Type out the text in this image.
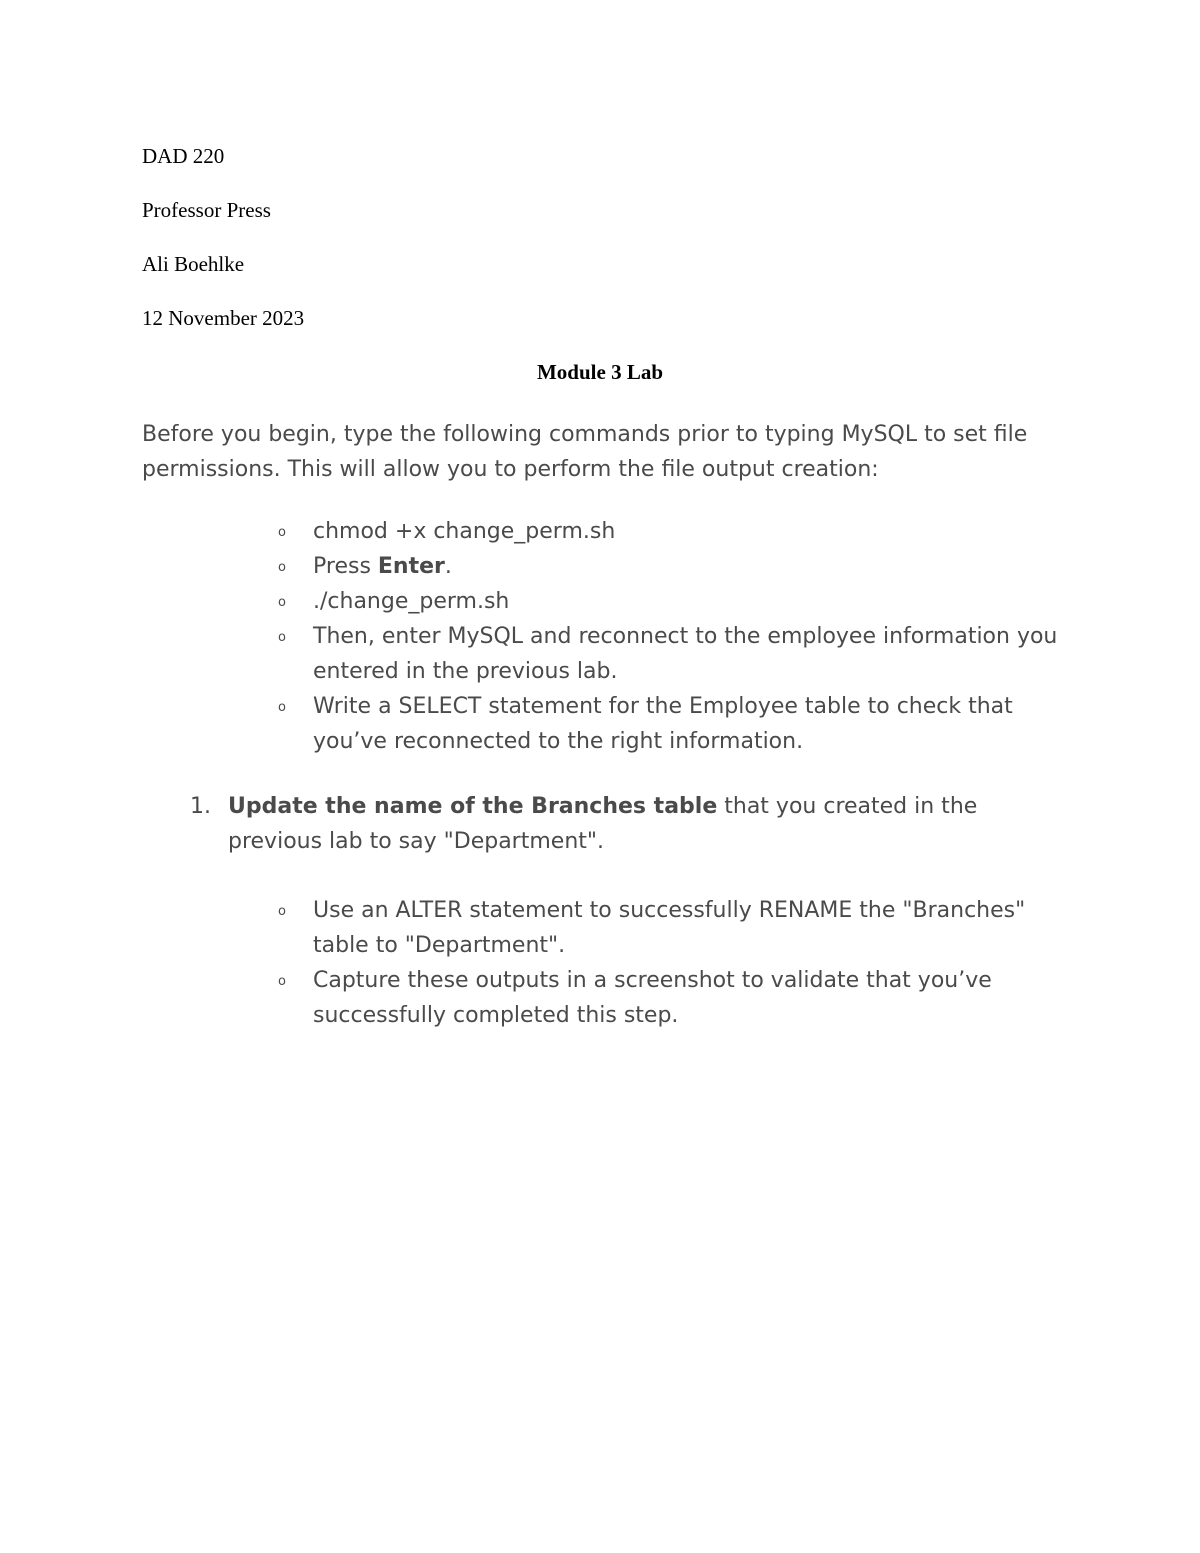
DAD 220
Professor Press
Ali Boehlke
12 November 2023
Module 3 Lab
Before you begin, type the following commands prior to typing MySQL to set file permissions. This will allow you to perform the file output creation:
o chmod +x change_perm.sh
o Press Enter.
o ./change_perm.sh
o Then, enter MySQL and reconnect to the employee information you entered in the previous lab.
o Write a SELECT statement for the Employee table to check that you’ve reconnected to the right information.
1. Update the name of the Branches table that you created in the previous lab to say "Department".
o Use an ALTER statement to successfully RENAME the "Branches" table to "Department".
o Capture these outputs in a screenshot to validate that you’ve successfully completed this step.
